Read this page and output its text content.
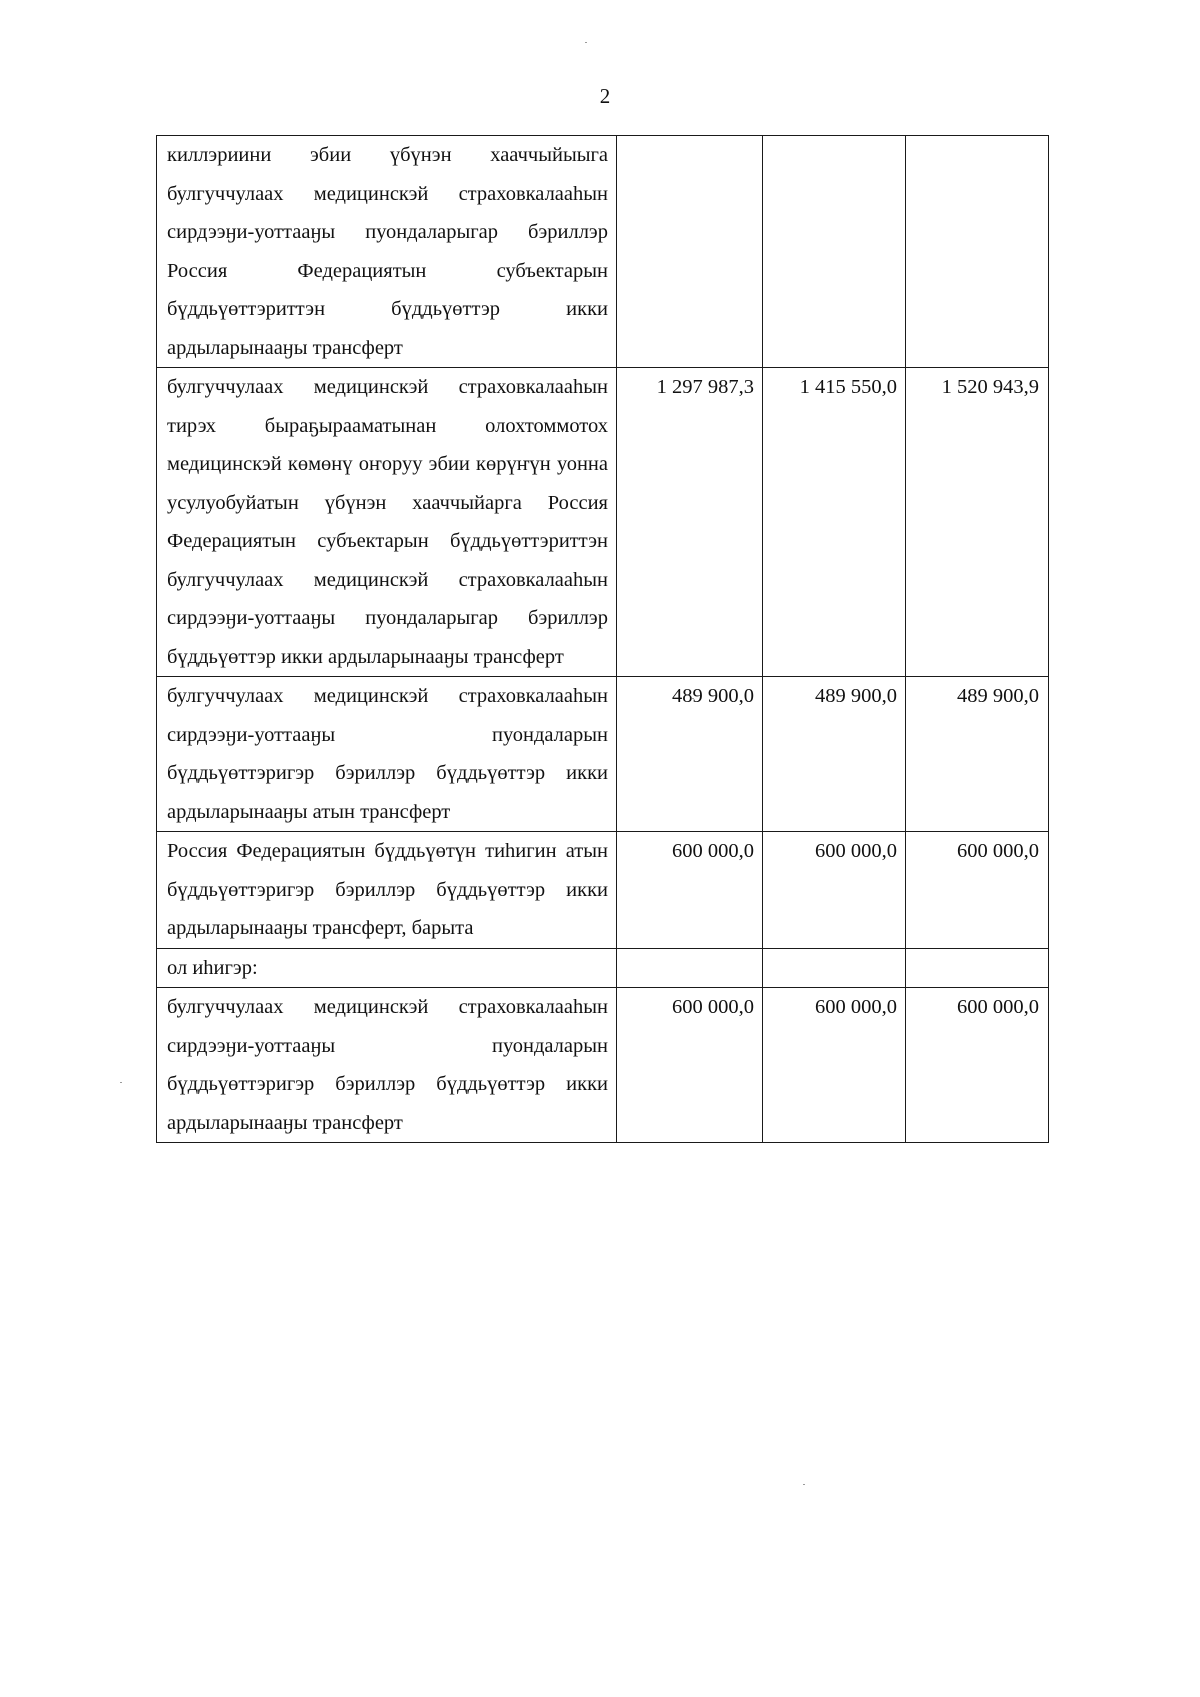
2
киллэриини эбии үбүнэн хааччыйыыга булгуччулаах медицинскэй страховкалааһын сирдээӈи-уоттааӈы пуондаларыгар бэриллэр Россия Федерациятын субъектарын бүддьүөттэриттэн бүддьүөттэр икки ардыларынааӈы трансферт			
булгуччулаах медицинскэй страховкалааһын тирэх быраҕырааматынан олохтоммотох медицинскэй көмөнү оҥоруу эбии көрүҥүн уонна усулуобуйатын үбүнэн хааччыйарга Россия Федерациятын субъектарын бүддьүөттэриттэн булгуччулаах медицинскэй страховкалааһын сирдээӈи-уоттааӈы пуондаларыгар бэриллэр бүддьүөттэр икки ардыларынааӈы трансферт	1 297 987,3	1 415 550,0	1 520 943,9
булгуччулаах медицинскэй страховкалааһын сирдээӈи-уоттааӈы пуондаларын бүддьүөттэригэр бэриллэр бүддьүөттэр икки ардыларынааӈы атын трансферт	489 900,0	489 900,0	489 900,0
Россия Федерациятын бүддьүөтүн тиһигин атын бүддьүөттэригэр бэриллэр бүддьүөттэр икки ардыларынааӈы трансферт, барыта	600 000,0	600 000,0	600 000,0
ол иһигэр:			
булгуччулаах медицинскэй страховкалааһын сирдээӈи-уоттааӈы пуондаларын бүддьүөттэригэр бэриллэр бүддьүөттэр икки ардыларынааӈы трансферт	600 000,0	600 000,0	600 000,0
